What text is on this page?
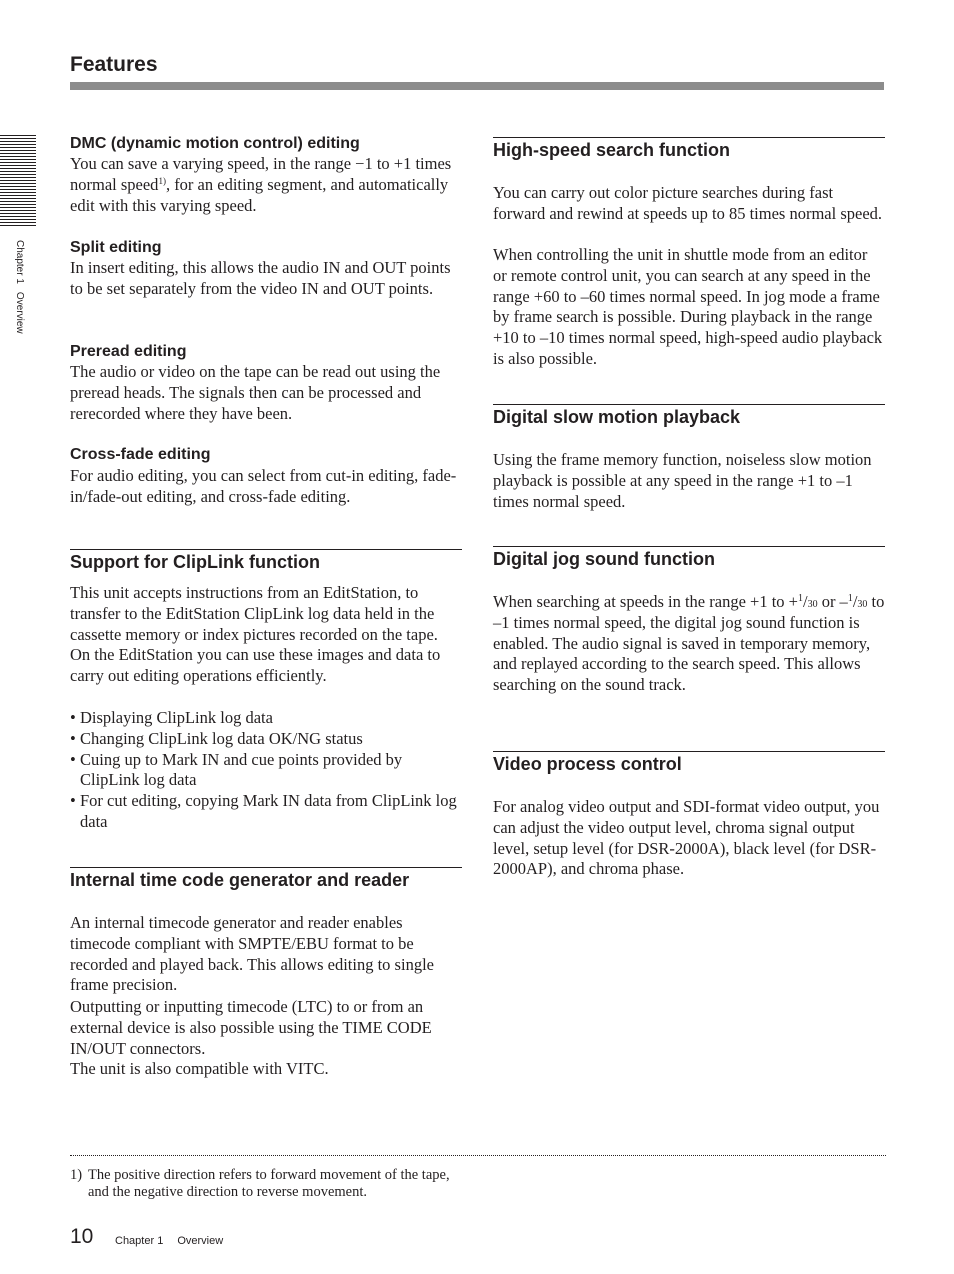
Features
Chapter 1Overview
DMC (dynamic motion control) editing

You can save a varying speed, in the range −1 to +1 times normal speed$^{1)}$, for an editing segment, and automatically edit with this varying speed.

Split editing

In insert editing, this allows the audio IN and OUT points to be set separately from the video IN and OUT points.

Preread editing

The audio or video on the tape can be read out using the preread heads. The signals then can be processed and rerecorded where they have been.

Cross-fade editing

For audio editing, you can select from cut-in editing, fade-in/fade-out editing, and cross-fade editing.

Support for ClipLink function

This unit accepts instructions from an EditStation, to transfer to the EditStation ClipLink log data held in the cassette memory or index pictures recorded on the tape. On the EditStation you can use these images and data to carry out editing operations efficiently.

• Displaying ClipLink log data
• Changing ClipLink log data OK/NG status
• Cuing up to Mark IN and cue points provided by ClipLink log data
• For cut editing, copying Mark IN data from ClipLink log data
Internal time code generator and reader

An internal timecode generator and reader enables timecode compliant with SMPTE/EBU format to be recorded and played back. This allows editing to single frame precision.

Outputting or inputting timecode (LTC) to or from an external device is also possible using the TIME CODE IN/OUT connectors.

The unit is also compatible with VITC.

High-speed search function

You can carry out color picture searches during fast forward and rewind at speeds up to 85 times normal speed.

When controlling the unit in shuttle mode from an editor or remote control unit, you can search at any speed in the range +60 to –60 times normal speed. In jog mode a frame by frame search is possible. During playback in the range +10 to –10 times normal speed, high-speed audio playback is also possible.

Digital slow motion playback

Using the frame memory function, noiseless slow motion playback is possible at any speed in the range +1 to –1 times normal speed.

Digital jog sound function

When searching at speeds in the range +1 to +$^1$/30 or –$^1$/30 to –1 times normal speed, the digital jog sound function is enabled. The audio signal is saved in temporary memory, and replayed according to the search speed. This allows searching on the sound track.

Video process control

For analog video output and SDI-format video output, you can adjust the video output level, chroma signal output level, setup level (for DSR-2000A), black level (for DSR-2000AP), and chroma phase.

1) The positive direction refers to forward movement of the tape, and the negative direction to reverse movement.
10 Chapter 1 Overview
